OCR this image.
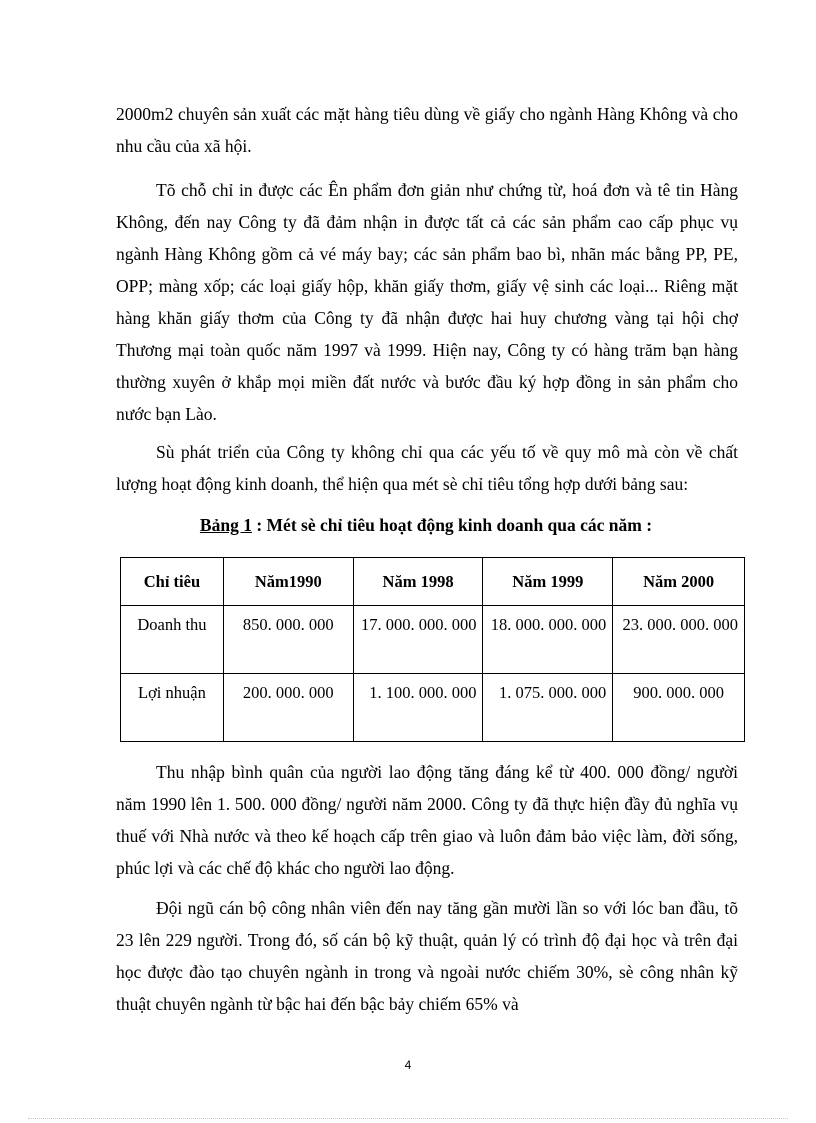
2000m2 chuyên sản xuất các mặt hàng tiêu dùng về giấy cho ngành Hàng Không và cho nhu cầu của xã hội.

Tõ chỗ chỉ in được các Ên phẩm đơn giản như chứng từ, hoá đơn và tê tin Hàng Không, đến nay Công ty đã đảm nhận in được tất cả các sản phẩm cao cấp phục vụ ngành Hàng Không gồm cả vé máy bay; các sản phẩm bao bì, nhãn mác bằng PP, PE, OPP; màng xốp; các loại giấy hộp, khăn giấy thơm, giấy vệ sinh các loại... Riêng mặt hàng khăn giấy thơm của Công ty đã nhận được hai huy chương vàng tại hội chợ Thương mại toàn quốc năm 1997 và 1999. Hiện nay, Công ty có hàng trăm bạn hàng thường xuyên ở khắp mọi miền đất nước và bước đầu ký hợp đồng in sản phẩm cho nước bạn Lào.

Sù phát triển của Công ty không chỉ qua các yếu tố về quy mô mà còn về chất lượng hoạt động kinh doanh, thể hiện qua mét sè chỉ tiêu tổng hợp dưới bảng sau:

Bảng 1 : Mét sè chỉ tiêu hoạt động kinh doanh qua các năm :

Chỉ tiêu	Năm1990	Năm 1998	Năm 1999	Năm 2000
Doanh thu	850. 000. 000	17. 000. 000. 000	18. 000. 000. 000	23. 000. 000. 000
Lợi nhuận	200. 000. 000	1. 100. 000. 000	1. 075. 000. 000	900. 000. 000

Thu nhập bình quân của người lao động tăng đáng kể từ 400. 000 đồng/ người năm 1990 lên 1. 500. 000 đồng/ người năm 2000. Công ty đã thực hiện đầy đủ nghĩa vụ thuế với Nhà nước và theo kế hoạch cấp trên giao và luôn đảm bảo việc làm, đời sống, phúc lợi và các chế độ khác cho người lao động.

Đội ngũ cán bộ công nhân viên đến nay tăng gần mười lần so với lóc ban đầu, tõ 23 lên 229 người. Trong đó, số cán bộ kỹ thuật, quản lý có trình độ đại học và trên đại học được đào tạo chuyên ngành in trong và ngoài nước chiếm 30%, sè công nhân kỹ thuật chuyên ngành từ bậc hai đến bậc bảy chiếm 65% và

4
